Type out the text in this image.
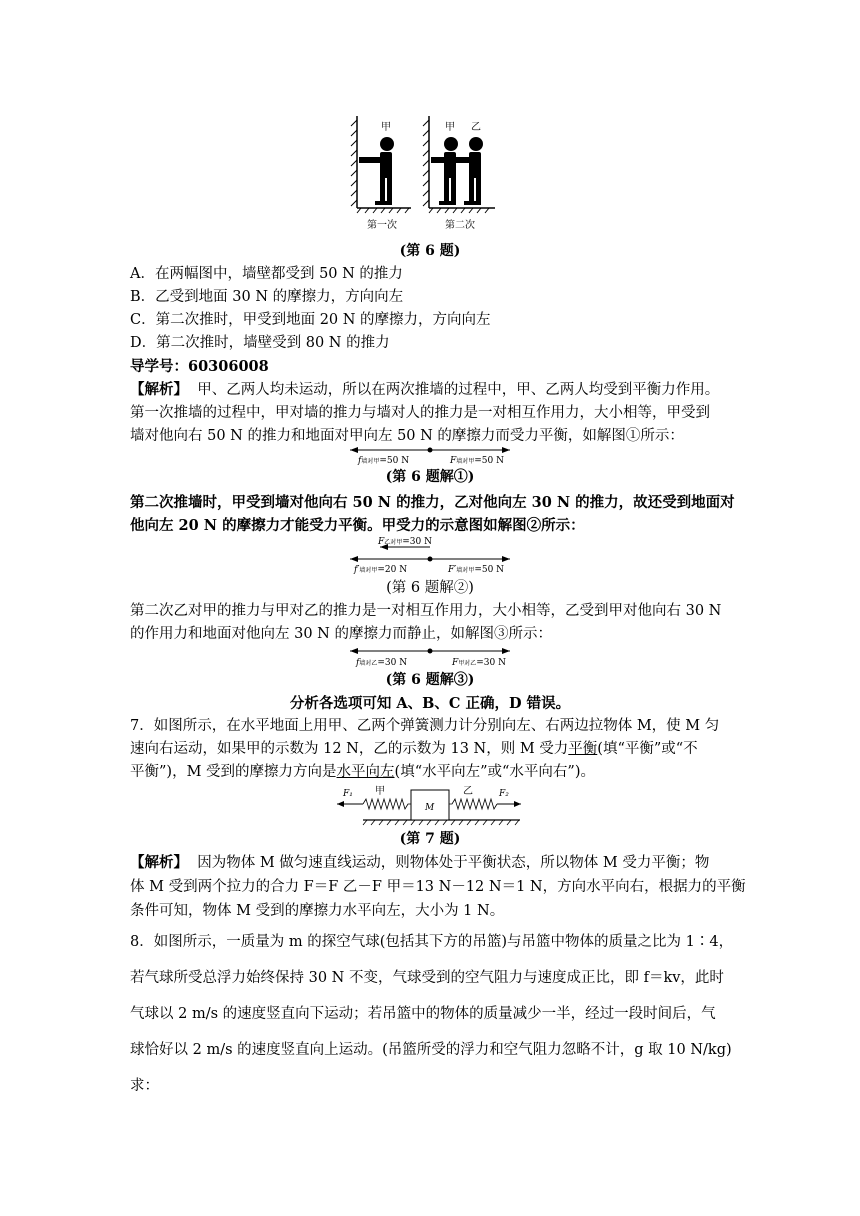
甲	甲 乙
第一次	第二次
(第 6 题)

A．在两幅图中，墙壁都受到 50 N 的推力

B．乙受到地面 30 N 的摩擦力，方向向左

C．第二次推时，甲受到地面 20 N 的摩擦力，方向向左

D．第二次推时，墙壁受到 80 N 的推力

导学号：60306008

【解析】 甲、乙两人均未运动，所以在两次推墙的过程中，甲、乙两人均受到平衡力作用。

第一次推墙的过程中，甲对墙的推力与墙对人的推力是一对相互作用力，大小相等，甲受到

墙对他向右 50 N 的推力和地面对甲向左 50 N 的摩擦力而受力平衡，如解图①所示：

f墙对甲=50 N	F墙对甲=50 N
(第 6 题解①)

第二次推墙时，甲受到墙对他向右 50 N 的推力，乙对他向左 30 N 的推力，故还受到地面对

他向左 20 N 的摩擦力才能受力平衡。甲受力的示意图如解图②所示：

F乙对甲=30 N
f′墙对甲=20 N	F′墙对甲=50 N
(第 6 题解②)

第二次乙对甲的推力与甲对乙的推力是一对相互作用力，大小相等，乙受到甲对他向右 30 N

的作用力和地面对他向左 30 N 的摩擦力而静止，如解图③所示：

f墙对乙=30 N	F甲对乙=30 N
(第 6 题解③)
分析各选项可知 A、B、C 正确，D 错误。

7．如图所示，在水平地面上用甲、乙两个弹簧测力计分别向左、右两边拉物体 M，使 M 匀

速向右运动，如果甲的示数为 12 N，乙的示数为 13 N，则 M 受力平衡(填“平衡”或“不

平衡”)，M 受到的摩擦力方向是水平向左(填“水平向左”或“水平向右”)。

F₁ 甲
M
乙	F₂
(第 7 题)

【解析】 因为物体 M 做匀速直线运动，则物体处于平衡状态，所以物体 M 受力平衡；物

体 M 受到两个拉力的合力 F＝F 乙－F 甲＝13 N－12 N＝1 N，方向水平向右，根据力的平衡

条件可知，物体 M 受到的摩擦力水平向左，大小为 1 N。

8．如图所示，一质量为 m 的探空气球(包括其下方的吊篮)与吊篮中物体的质量之比为 1∶4，

若气球所受总浮力始终保持 30 N 不变，气球受到的空气阻力与速度成正比，即 f＝kv，此时

气球以 2 m/s 的速度竖直向下运动；若吊篮中的物体的质量减少一半，经过一段时间后，气

球恰好以 2 m/s 的速度竖直向上运动。(吊篮所受的浮力和空气阻力忽略不计，g 取 10 N/kg)

求：
